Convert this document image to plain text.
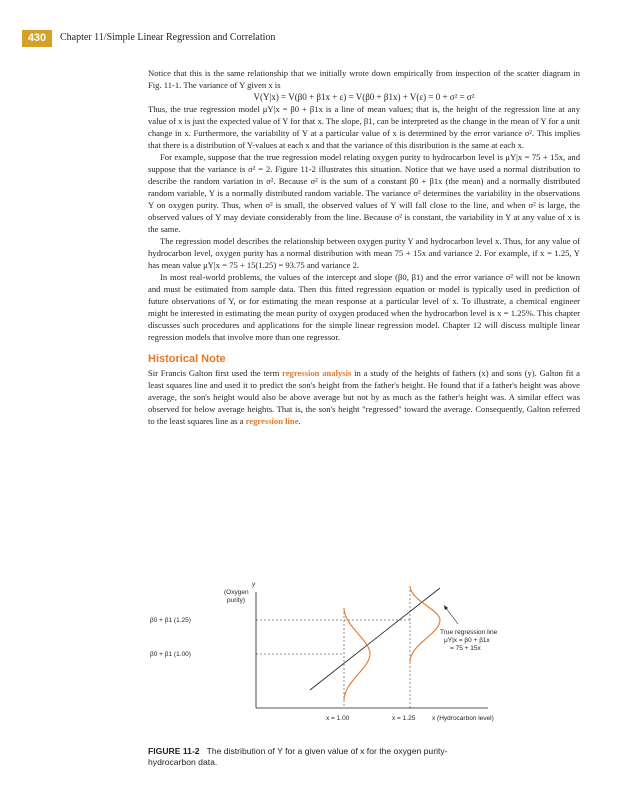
430	Chapter 11/Simple Linear Regression and Correlation

Notice that this is the same relationship that we initially wrote down empirically from inspection of the scatter diagram in Fig. 11-1. The variance of Y given x is

V(Y|x) = V(β0 + β1x + ε) = V(β0 + β1x) + V(ε) = 0 + σ² = σ²

Thus, the true regression model μY|x = β0 + β1x is a line of mean values; that is, the height of the regression line at any value of x is just the expected value of Y for that x. The slope, β1, can be interpreted as the change in the mean of Y for a unit change in x. Furthermore, the variability of Y at a particular value of x is determined by the error variance σ². This implies that there is a distribution of Y-values at each x and that the variance of this distribution is the same at each x.

For example, suppose that the true regression model relating oxygen purity to hydrocarbon level is μY|x = 75 + 15x, and suppose that the variance is σ² = 2. Figure 11-2 illustrates this situation. Notice that we have used a normal distribution to describe the random variation in σ². Because σ² is the sum of a constant β0 + β1x (the mean) and a normally distributed random variable, Y is a normally distributed random variable. The variance σ² determines the variability in the observations Y on oxygen purity. Thus, when σ² is small, the observed values of Y will fall close to the line, and when σ² is large, the observed values of Y may deviate considerably from the line. Because σ² is constant, the variability in Y at any value of x is the same.

The regression model describes the relationship between oxygen purity Y and hydrocarbon level x. Thus, for any value of hydrocarbon level, oxygen purity has a normal distribution with mean 75 + 15x and variance 2. For example, if x = 1.25, Y has mean value μY|x = 75 + 15(1.25) = 93.75 and variance 2.

In most real-world problems, the values of the intercept and slope (β0, β1) and the error variance σ² will not be known and must be estimated from sample data. Then this fitted regression equation or model is typically used in prediction of future observations of Y, or for estimating the mean response at a particular level of x. To illustrate, a chemical engineer might be interested in estimating the mean purity of oxygen produced when the hydrocarbon level is x = 1.25%. This chapter discusses such procedures and applications for the simple linear regression model. Chapter 12 will discuss multiple linear regression models that involve more than one regressor.

Historical Note

Sir Francis Galton first used the term regression analysis in a study of the heights of fathers (x) and sons (y). Galton fit a least squares line and used it to predict the son's height from the father's height. He found that if a father's height was above average, the son's height would also be above average but not by as much as the father's height was. A similar effect was observed for below average heights. That is, the son's height "regressed" toward the average. Consequently, Galton referred to the least squares line as a regression line.

y
(Oxygen
purity)
β0 + β1 (1.25)
β0 + β1 (1.00)
x = 1.00	x = 1.25	x (Hydrocarbon level)
True regression line
μY|x = β0 + β1x
= 75 + 15x
FIGURE 11-2 The distribution of Y for a given value of x for the oxygen purity-hydrocarbon data.
